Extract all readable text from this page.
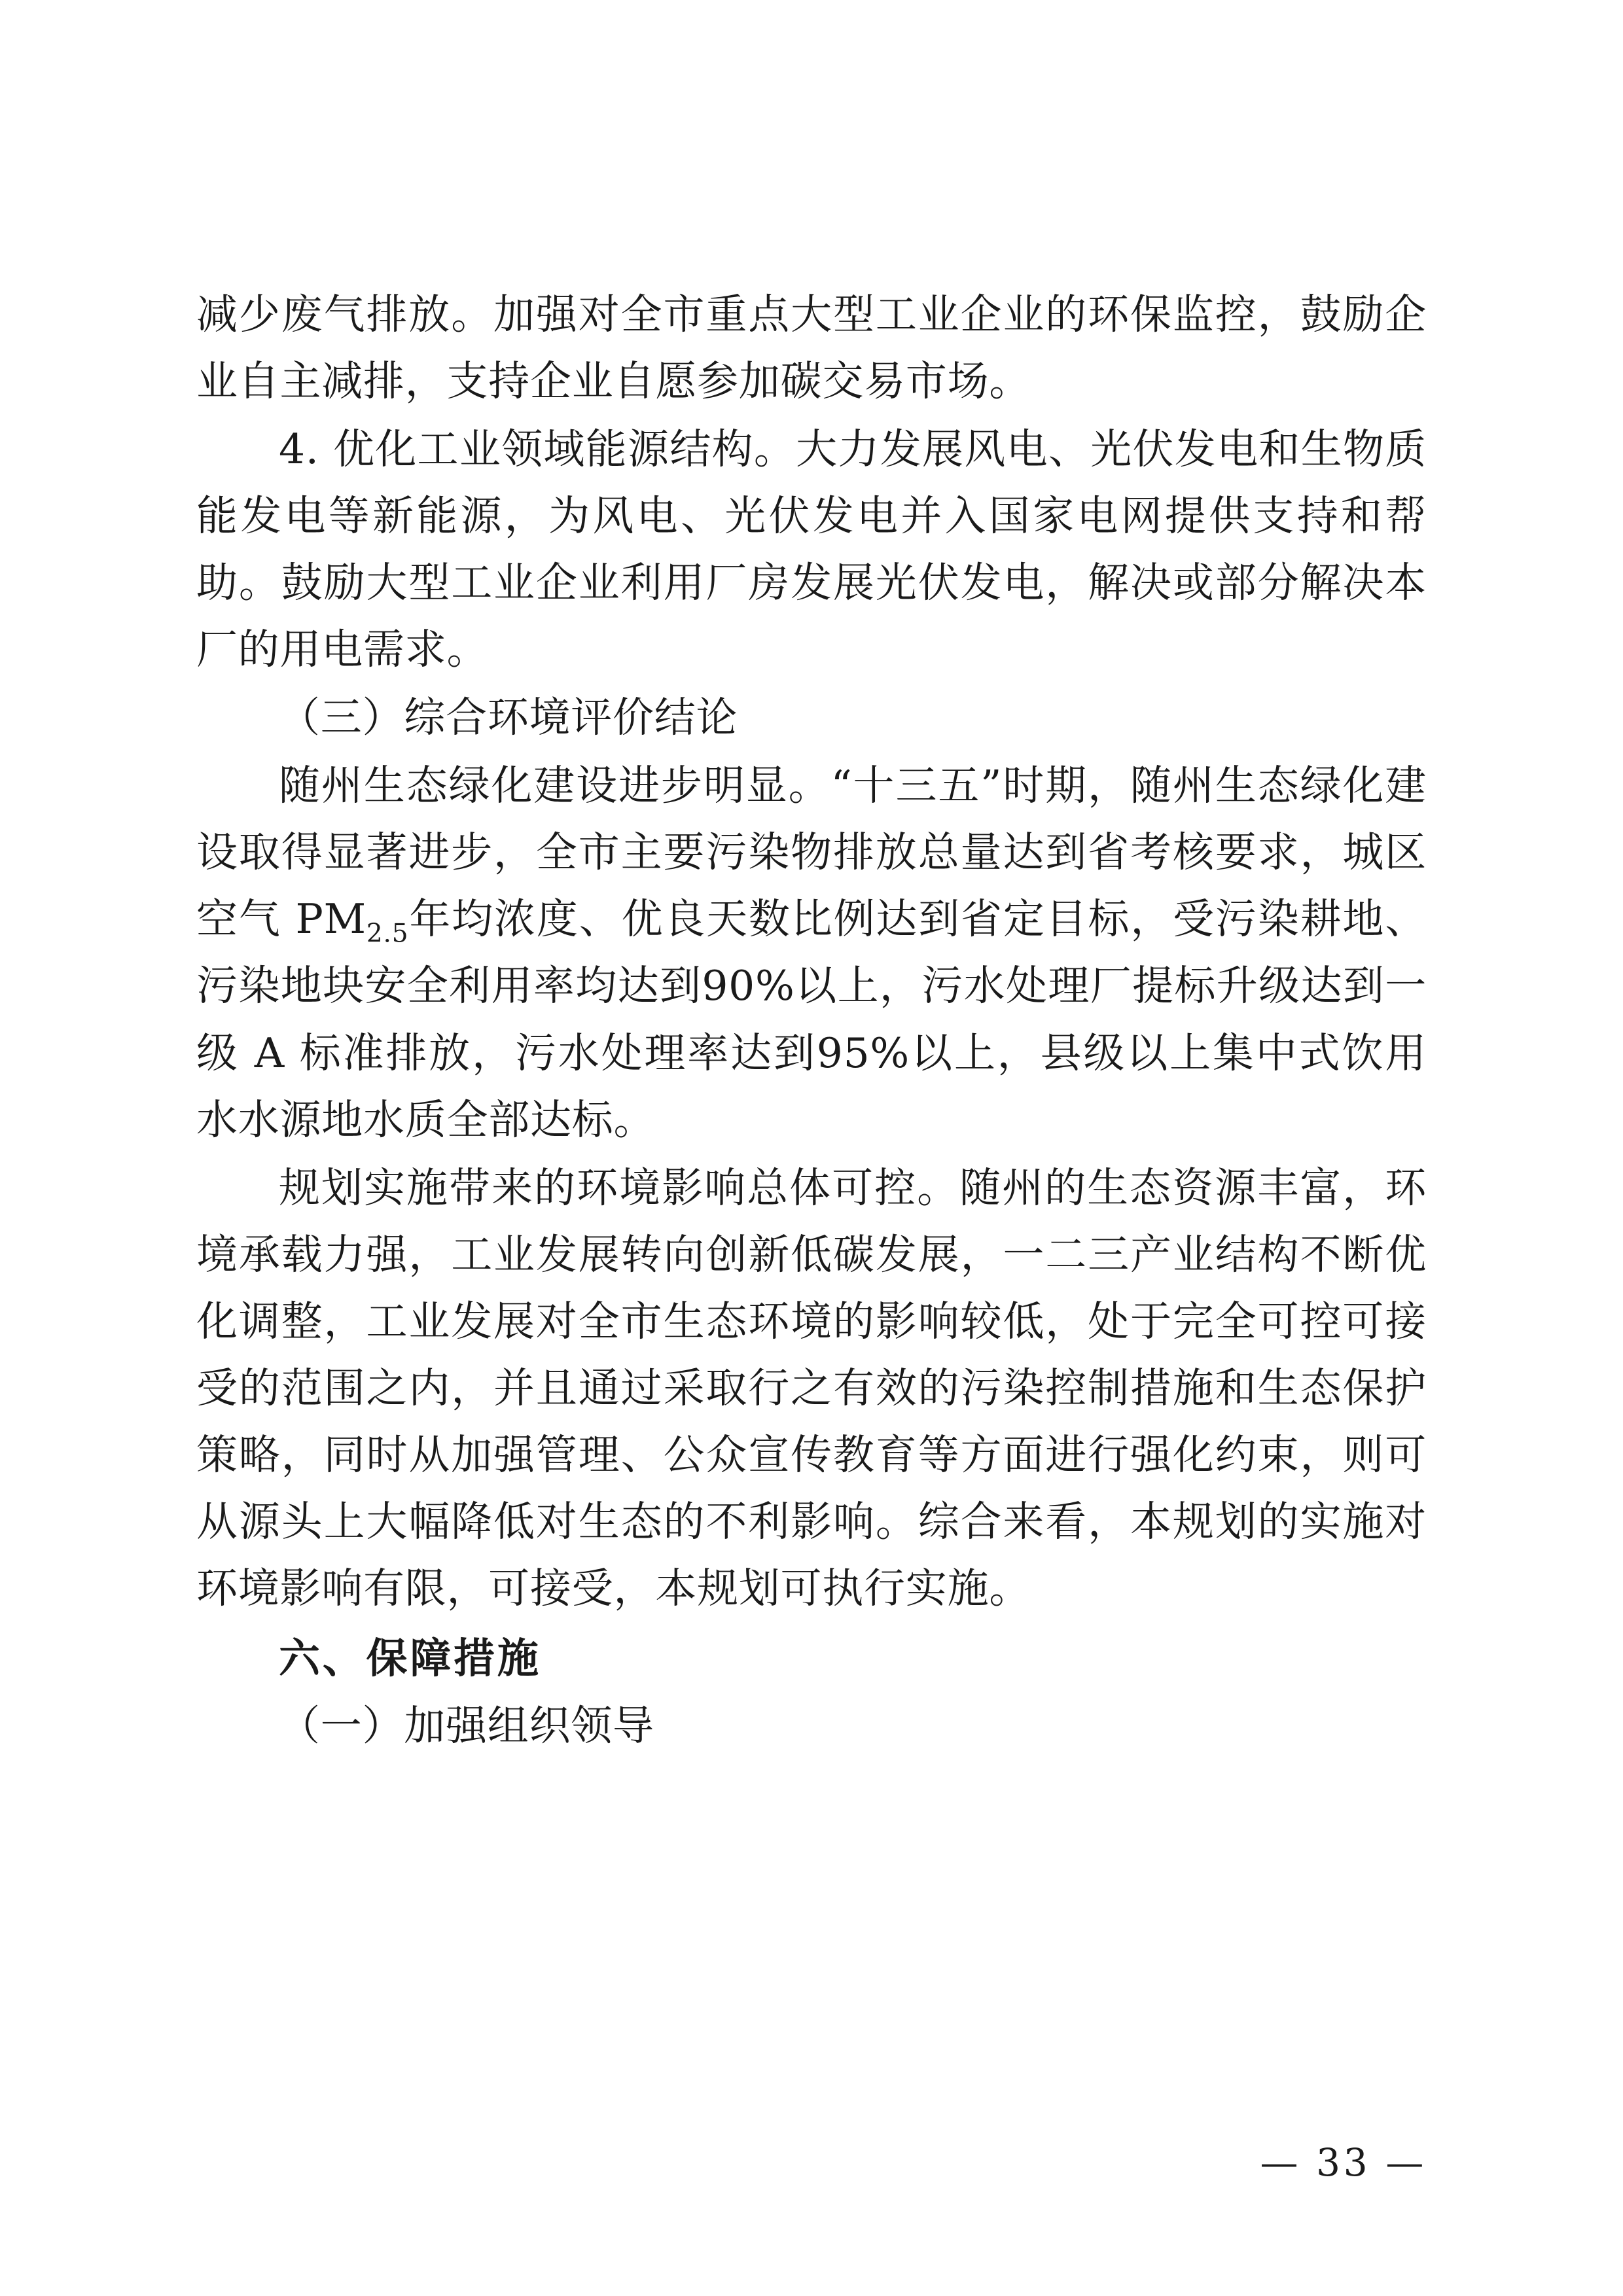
减少废气排放。加强对全市重点大型工业企业的环保监控，鼓励企业自主减排，支持企业自愿参加碳交易市场。

4. 优化工业领域能源结构。大力发展风电、光伏发电和生物质能发电等新能源，为风电、光伏发电并入国家电网提供支持和帮助。鼓励大型工业企业利用厂房发展光伏发电，解决或部分解决本厂的用电需求。

（三）综合环境评价结论

随州生态绿化建设进步明显。“十三五”时期，随州生态绿化建设取得显著进步，全市主要污染物排放总量达到省考核要求，城区空气 $PM_{2.5}$年均浓度、优良天数比例达到省定目标，受污染耕地、污染地块安全利用率均达到90%以上，污水处理厂提标升级达到一级 A 标准排放，污水处理率达到95%以上，县级以上集中式饮用水水源地水质全部达标。

规划实施带来的环境影响总体可控。随州的生态资源丰富，环境承载力强，工业发展转向创新低碳发展，一二三产业结构不断优化调整，工业发展对全市生态环境的影响较低，处于完全可控可接受的范围之内，并且通过采取行之有效的污染控制措施和生态保护策略，同时从加强管理、公众宣传教育等方面进行强化约束，则可从源头上大幅降低对生态的不利影响。综合来看，本规划的实施对环境影响有限，可接受，本规划可执行实施。

六、保障措施

（一）加强组织领导

— 33 —
